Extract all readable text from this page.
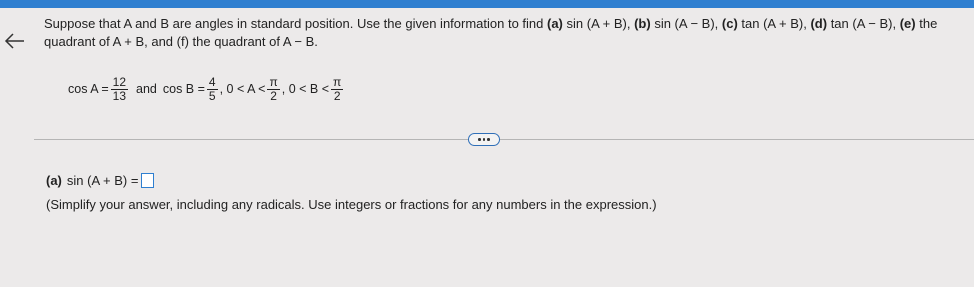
Suppose that A and B are angles in standard position. Use the given information to find (a) sin (A + B), (b) sin (A − B), (c) tan (A + B), (d) tan (A − B), (e) the
quadrant of A + B, and (f) the quadrant of A − B.
$\cos A = \frac{12}{13}$ and $\cos B = \frac{4}{5}$ , $0 < A < \frac{\pi}{2}$ , $0 < B < \frac{\pi}{2}$
(a) sin (A + B) =
(Simplify your answer, including any radicals. Use integers or fractions for any numbers in the expression.)
